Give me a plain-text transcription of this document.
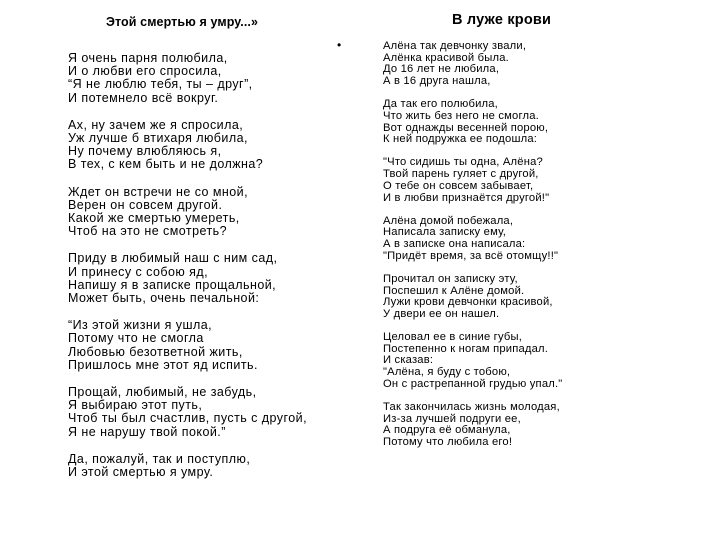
Этой смертью я умру...»

Я очень парня полюбила,
И о любви его спросила,
“Я не люблю тебя, ты – друг”,
И потемнело всё вокруг.

Ах, ну зачем же я спросила,
Уж лучше б втихаря любила,
Ну почему влюбляюсь я,
В тех, с кем быть и не должна?

Ждет он встречи не со мной,
Верен он совсем другой.
Какой же смертью умереть,
Чтоб на это не смотреть?

Приду в любимый наш с ним сад,
И принесу с собою яд,
Напишу я в записке прощальной,
Может быть, очень печальной:

“Из этой жизни я ушла,
Потому что не смогла
Любовью безответной жить,
Пришлось мне этот яд испить.

Прощай, любимый, не забудь,
Я выбираю этот путь,
Чтоб ты был счастлив, пусть с другой,
Я не нарушу твой покой.”

Да, пожалуй, так и поступлю,
И этой смертью я умру.

В луже крови

•	Алёна так девчонку звали,
Алёнка красивой была.
До 16 лет не любила,
А в 16 друга нашла,

Да так его полюбила,
Что жить без него не смогла.
Вот однажды весенней порою,
К ней подружка ее подошла:

"Что сидишь ты одна, Алёна?
Твой парень гуляет с другой,
О тебе он совсем забывает,
И в любви признаётся другой!"

Алёна домой побежала,
Написала записку ему,
А в записке она написала:
"Придёт время, за всё отомщу!!"

Прочитал он записку эту,
Поспешил к Алёне домой.
Лужи крови девчонки красивой,
У двери ее он нашел.

Целовал ее в синие губы,
Постепенно к ногам припадал.
И сказав:
"Алёна, я буду с тобою,
Он с растрепанной грудью упал."

Так закончилась жизнь молодая,
Из-за лучшей подруги ее,
А подруга её обманула,
Потому что любила его!
